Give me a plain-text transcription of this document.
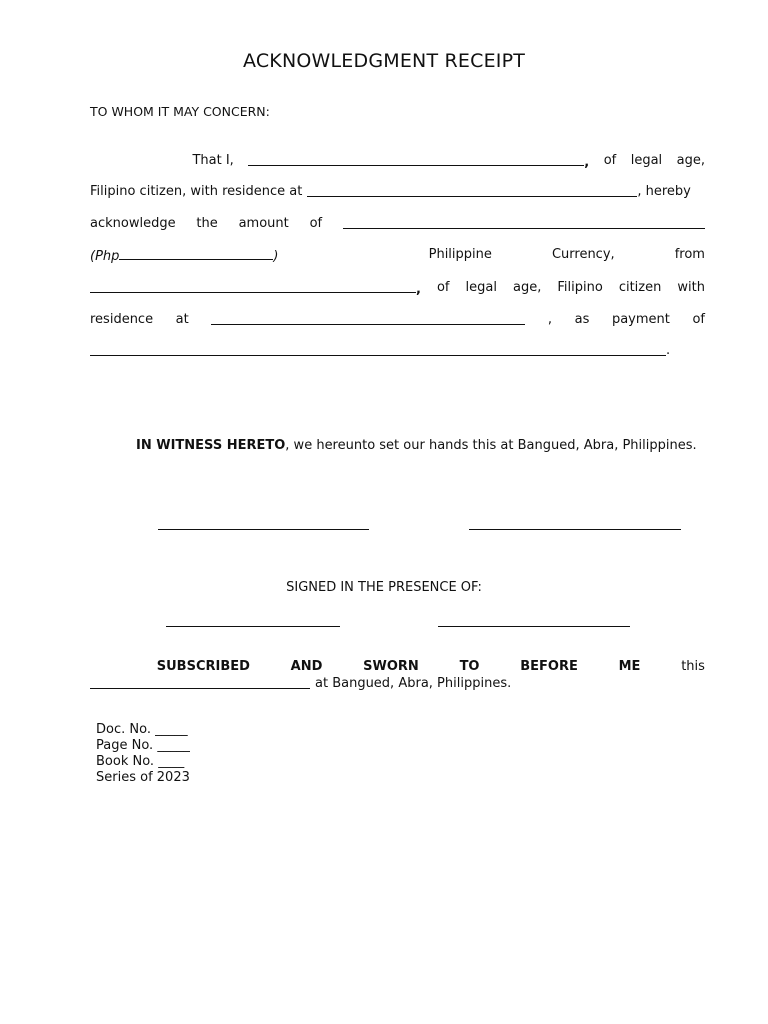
ACKNOWLEDGMENT RECEIPT
TO WHOM IT MAY CONCERN:
That I,	, of legal age,
Filipino citizen, with residence at	, hereby
acknowledge the amount of
(Php	)	Philippine	Currency,	from
, of legal age, Filipino citizen with
residence at	, as payment of
.
IN WITNESS HERETO, we hereunto set our hands this at Bangued, Abra, Philippines.
SIGNED IN THE PRESENCE OF:
SUBSCRIBED	AND	SWORN	TO	BEFORE	ME	this
at Bangued, Abra, Philippines.
Doc. No. _____
Page No. _____
Book No. ____
Series of 2023
